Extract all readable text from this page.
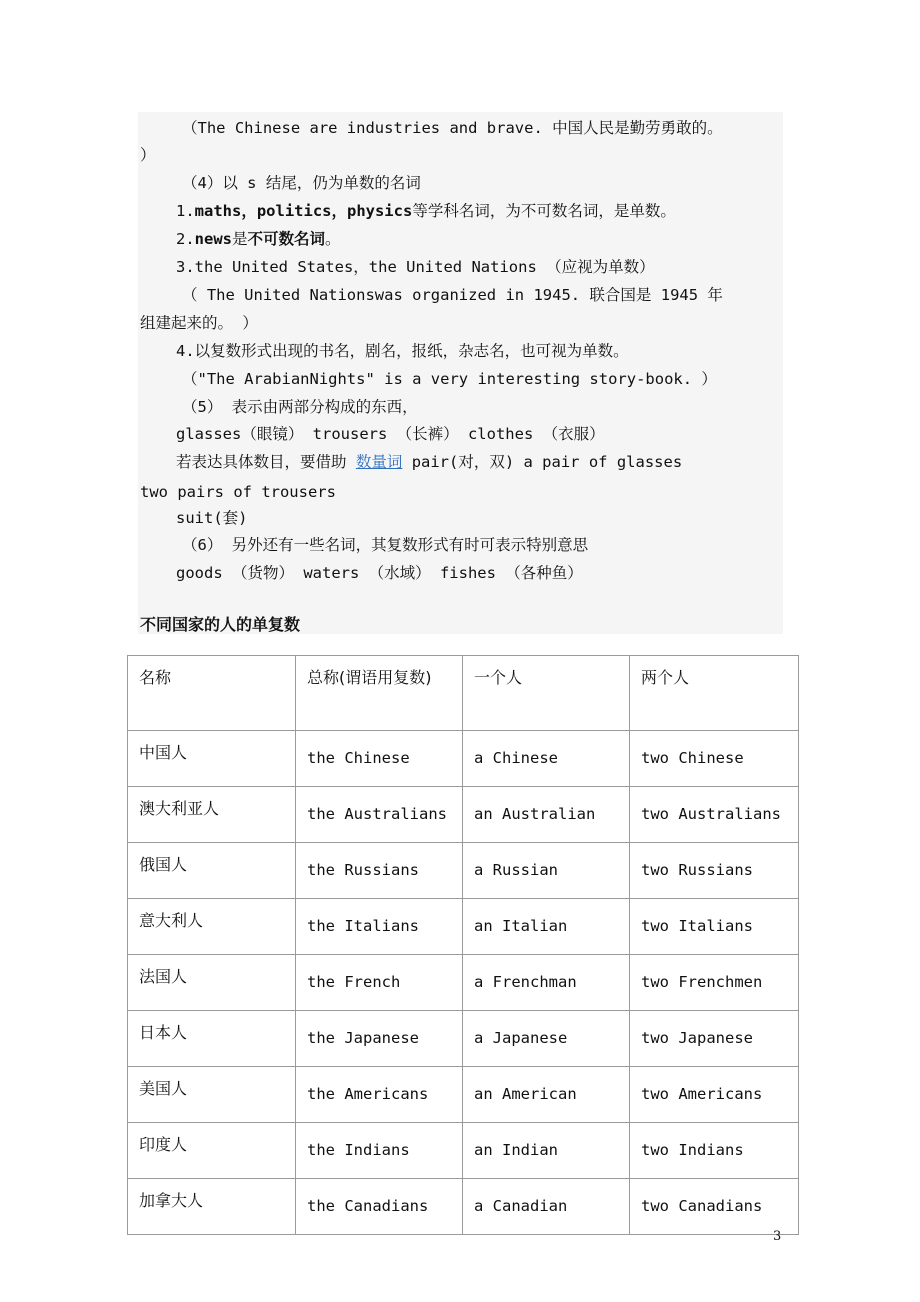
（The Chinese are industries and brave. 中国人民是勤劳勇敢的。
）
（4）以 s 结尾，仍为单数的名词
1.maths，politics，physics等学科名词，为不可数名词，是单数。
2.news是不可数名词。
3.the United States，the United Nations （应视为单数）
（ The United Nationswas organized in 1945. 联合国是 1945 年
组建起来的。 ）
4.以复数形式出现的书名，剧名，报纸，杂志名，也可视为单数。
（"The ArabianNights" is a very interesting story-book. ）
（5） 表示由两部分构成的东西，
glasses（眼镜） trousers （长裤） clothes （衣服）
若表达具体数目，要借助 数量词 pair(对，双) a pair of glasses
two pairs of trousers
suit(套)
（6） 另外还有一些名词，其复数形式有时可表示特别意思
goods （货物） waters （水域） fishes （各种鱼）
不同国家的人的单复数
名称	总称(谓语用复数)	一个人	两个人
中国人	the Chinese	a Chinese	two Chinese
澳大利亚人	the Australians	an Australian	two Australians
俄国人	the Russians	a Russian	two Russians
意大利人	the Italians	an Italian	two Italians
法国人	the French	a Frenchman	two Frenchmen
日本人	the Japanese	a Japanese	two Japanese
美国人	the Americans	an American	two Americans
印度人	the Indians	an Indian	two Indians
加拿大人	the Canadians	a Canadian	two Canadians
3
